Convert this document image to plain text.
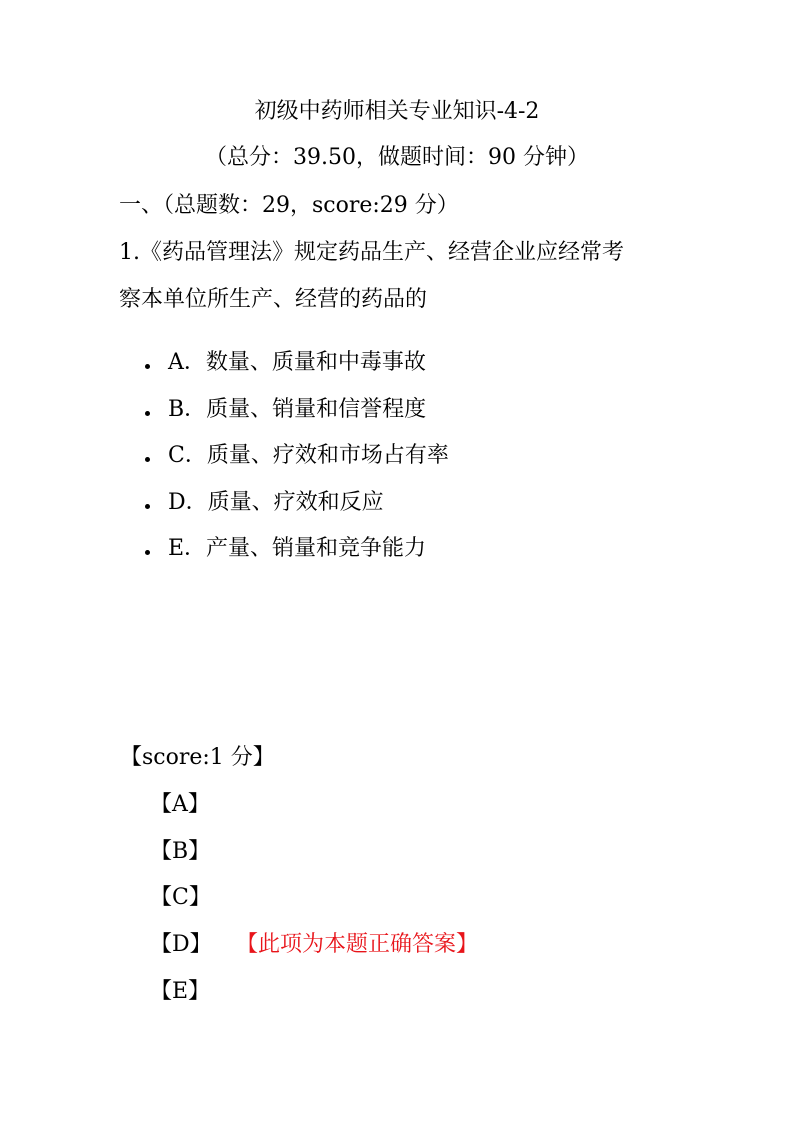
初级中药师相关专业知识-4-2
（总分：39.50，做题时间：90 分钟）
一、（总题数：29，score:29 分）
1.《药品管理法》规定药品生产、经营企业应经常考
察本单位所生产、经营的药品的
A．数量、质量和中毒事故
B．质量、销量和信誉程度
C．质量、疗效和市场占有率
D．质量、疗效和反应
E．产量、销量和竞争能力
【score:1 分】
【A】
【B】
【C】
【D】 【此项为本题正确答案】
【E】
